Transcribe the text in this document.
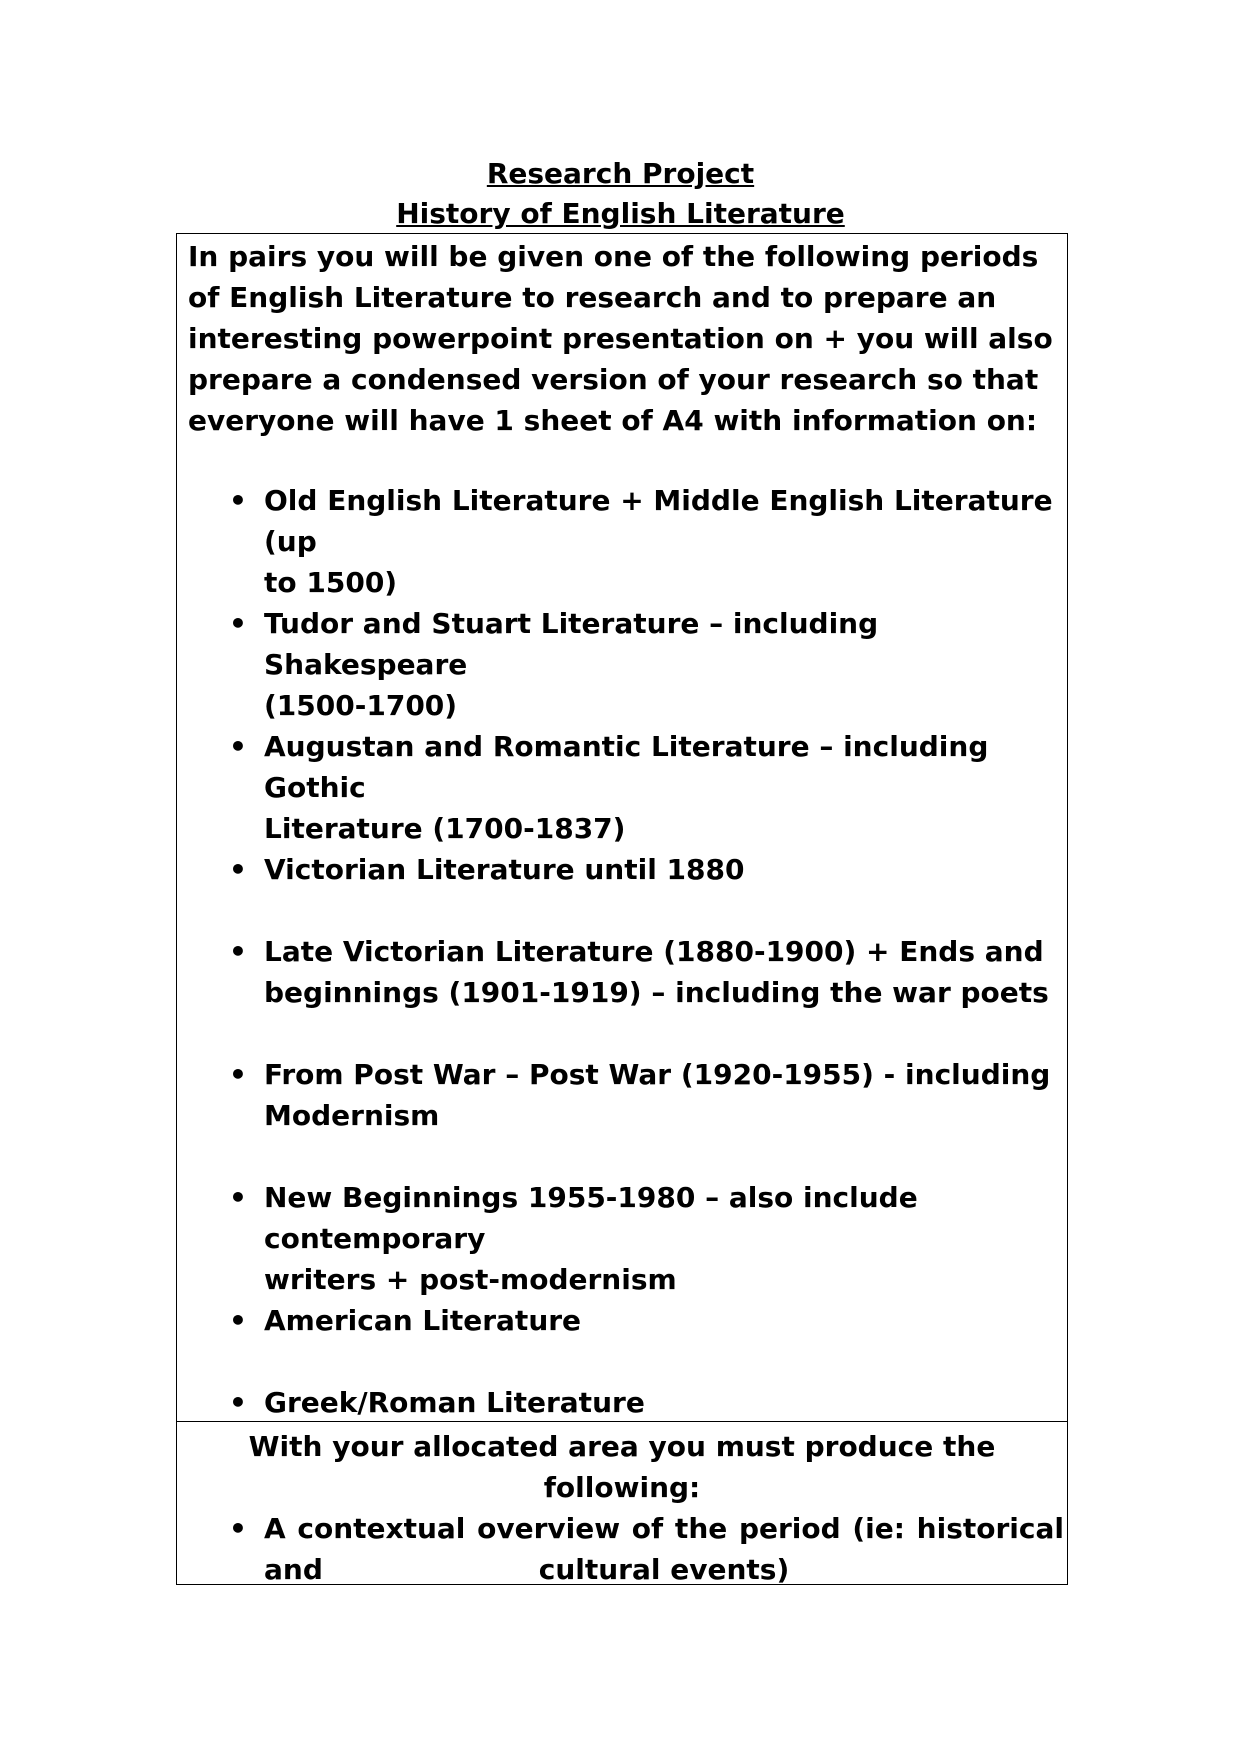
Research Project
History of English Literature

In pairs you will be given one of the following periods of English Literature to research and to prepare an interesting powerpoint presentation on + you will also prepare a condensed version of your research so that everyone will have 1 sheet of A4 with information on:

• Old English Literature + Middle English Literature (up
to 1500)
• Tudor and Stuart Literature – including Shakespeare
(1500-1700)
• Augustan and Romantic Literature – including Gothic
Literature (1700-1837)
• Victorian Literature until 1880
• Late Victorian Literature (1880-1900) + Ends and
beginnings (1901-1919) – including the war poets
• From Post War – Post War (1920-1955) - including
Modernism
• New Beginnings 1955-1980 – also include contemporary
writers + post-modernism
• American Literature
• Greek/Roman Literature
With your allocated area you must produce the following:
• A contextual overview of the period (ie: historical and	cultural events)
